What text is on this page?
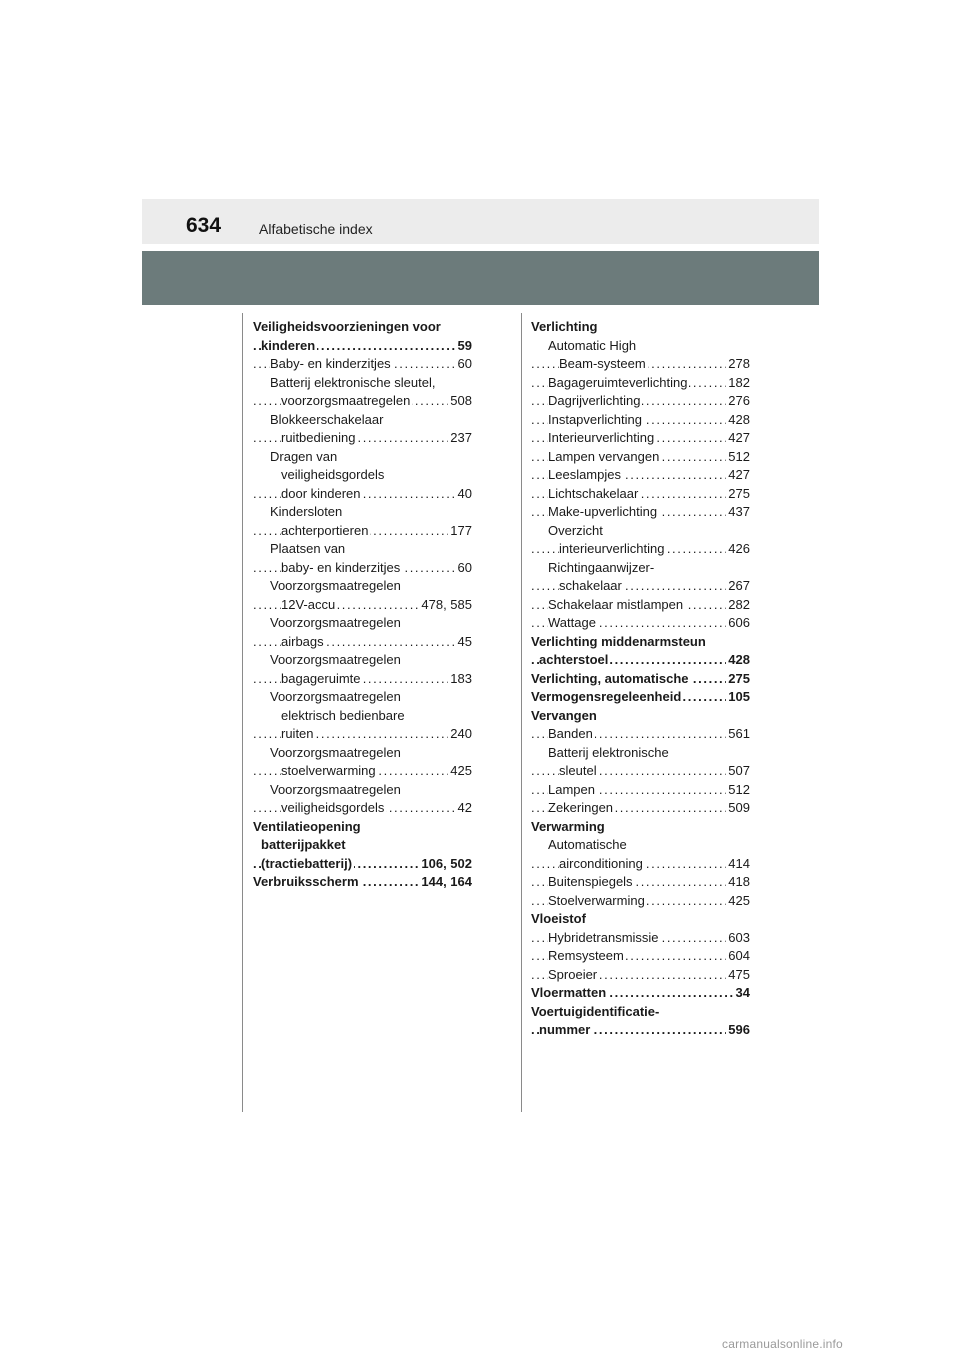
634	Alfabetische index
Veiligheidsvoorzieningen voor
kinderen	59
. . .
Baby- en kinderzitjes	60
. . .
Batterij elektronische sleutel,
voorzorgsmaatregelen	508
. . .
Blokkeerschakelaar
ruitbediening	237
. . .
Dragen van
veiligheidsgordels
door kinderen	40
. . .
Kindersloten
achterportieren	177
. . .
Plaatsen van
baby- en kinderzitjes	60
. . .
Voorzorgsmaatregelen
12V-accu	478, 585
. . .
Voorzorgsmaatregelen
airbags	45
. . .
Voorzorgsmaatregelen
bagageruimte	183
. . .
Voorzorgsmaatregelen
elektrisch bedienbare
ruiten	240
. . .
Voorzorgsmaatregelen
stoelverwarming	425
. . .
Voorzorgsmaatregelen
veiligheidsgordels	42
. . .
Ventilatieopening
batterijpakket
(tractiebatterij)	106, 502
. . .
Verbruiksscherm	144, 164
. . .
Verlichting
Automatic High
Beam-systeem	278
. . .
Bagageruimteverlichting	182
. . .
Dagrijverlichting	276
. . .
Instapverlichting	428
. . .
Interieurverlichting	427
. . .
Lampen vervangen	512
. . .
Leeslampjes	427
. . .
Lichtschakelaar	275
. . .
Make-upverlichting	437
. . .
Overzicht
interieurverlichting	426
. . .
Richtingaanwijzer-
schakelaar	267
. . .
Schakelaar mistlampen	282
. . .
Wattage	606
. . .
Verlichting middenarmsteun
achterstoel	428
. . .
Verlichting, automatische	275
. . .
Vermogensregeleenheid	105
. . .
Vervangen
Banden	561
. . .
Batterij elektronische
sleutel	507
. . .
Lampen	512
. . .
Zekeringen	509
. . .
Verwarming
Automatische
airconditioning	414
. . .
Buitenspiegels	418
. . .
Stoelverwarming	425
. . .
Vloeistof
Hybridetransmissie	603
. . .
Remsysteem	604
. . .
Sproeier	475
. . .
Vloermatten	34
. . .
Voertuigidentificatie-
nummer	596
. . .
carmanualsonline.info
